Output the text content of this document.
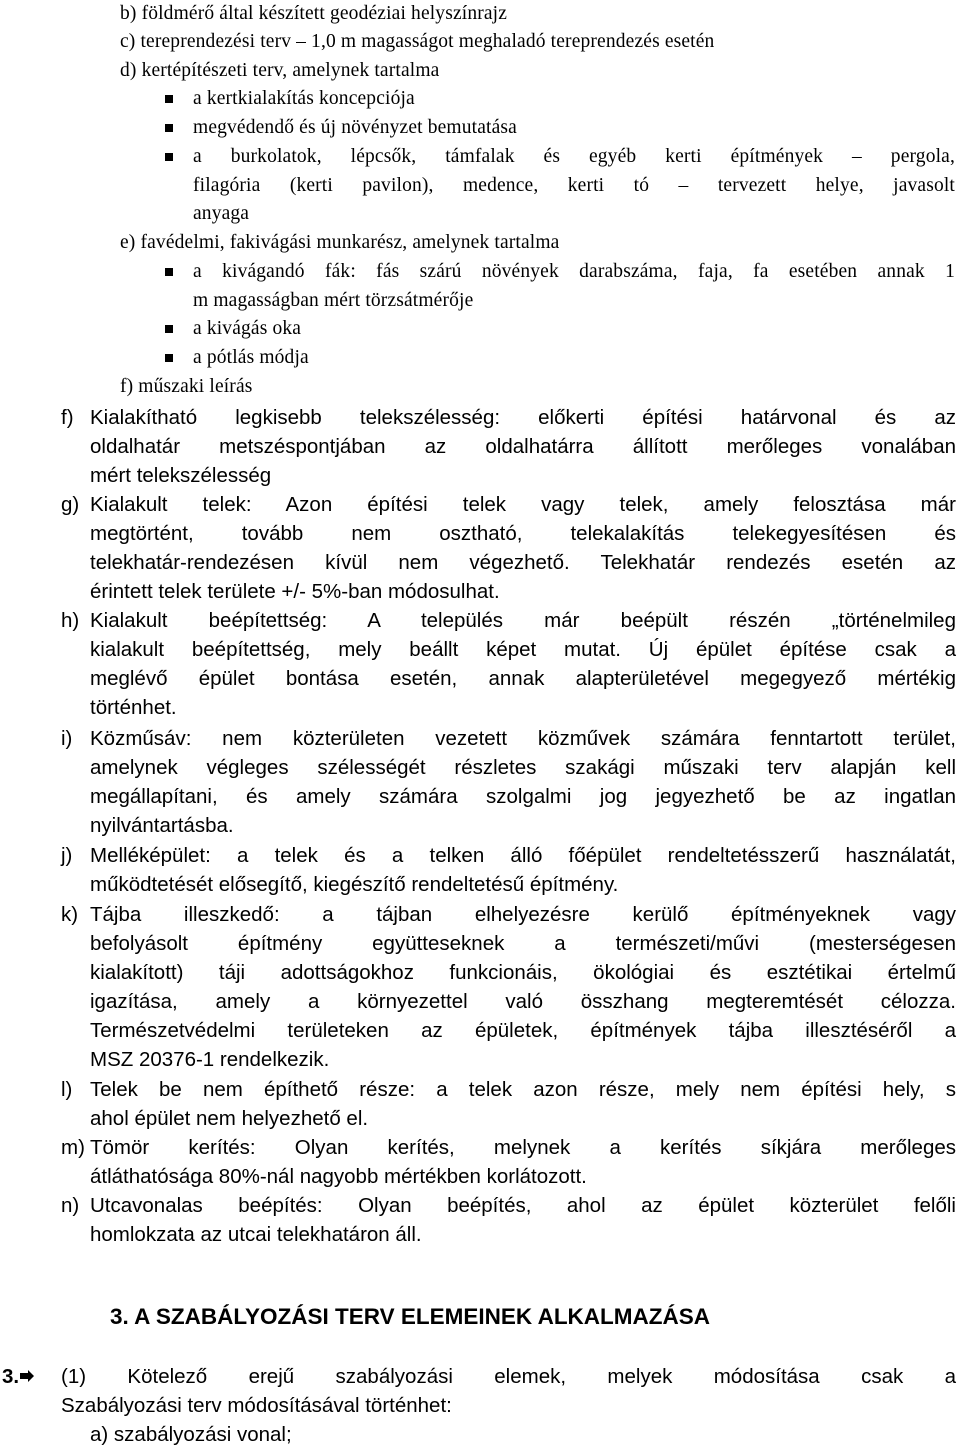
b) földmérő által készített geodéziai helyszínrajz
c) tereprendezési terv – 1,0 m magasságot meghaladó tereprendezés esetén
d) kertépítészeti terv, amelynek tartalma
a kertkialakítás koncepciója
megvédendő és új növényzet bemutatása
a burkolatok, lépcsők, támfalak és egyéb kerti építmények – pergola,
filagória (kerti pavilon), medence, kerti tó – tervezett helye, javasolt
anyaga
e) favédelmi, fakivágási munkarész, amelynek tartalma
a kivágandó fák: fás szárú növények darabszáma, faja, fa esetében annak 1
m magasságban mért törzsátmérője
a kivágás oka
a pótlás módja
f) műszaki leírás
f) Kialakítható legkisebb telekszélesség: előkerti építési határvonal és az
oldalhatár metszéspontjában az oldalhatárra állított merőleges vonalában
mért telekszélesség
g) Kialakult telek: Azon építési telek vagy telek, amely felosztása már
megtörtént, tovább nem osztható, telekalakítás telekegyesítésen és
telekhatár-rendezésen kívül nem végezhető. Telekhatár rendezés esetén az
érintett telek területe +/- 5%-ban módosulhat.
h) Kialakult beépítettség: A település már beépült részén „történelmileg
kialakult beépítettség, mely beállt képet mutat. Új épület építése csak a
meglévő épület bontása esetén, annak alapterületével megegyező mértékig
történhet.
i) Közműsáv: nem közterületen vezetett közművek számára fenntartott terület,
amelynek végleges szélességét részletes szakági műszaki terv alapján kell
megállapítani, és amely számára szolgalmi jog jegyezhető be az ingatlan
nyilvántartásba.
j) Melléképület: a telek és a telken álló főépület rendeltetésszerű használatát,
működtetését elősegítő, kiegészítő rendeltetésű építmény.
k) Tájba illeszkedő: a tájban elhelyezésre kerülő építményeknek vagy
befolyásolt építmény együtteseknek a természeti/művi (mesterségesen
kialakított) táji adottságokhoz funkcionáis, ökológiai és esztétikai értelmű
igazítása, amely a környezettel való összhang megteremtését célozza.
Természetvédelmi területeken az épületek, építmények tájba illesztéséről a
MSZ 20376-1 rendelkezik.
l) Telek be nem építhető része: a telek azon része, mely nem építési hely, s
ahol épület nem helyezhető el.
m) Tömör kerítés: Olyan kerítés, melynek a kerítés síkjára merőleges
átláthatósága 80%-nál nagyobb mértékben korlátozott.
n) Utcavonalas beépítés: Olyan beépítés, ahol az épület közterület felőli
homlokzata az utcai telekhatáron áll.
3. A SZABÁLYOZÁSI TERV ELEMEINEK ALKALMAZÁSA
3. (1) Kötelező erejű szabályozási elemek, melyek módosítása csak a
Szabályozási terv módosításával történhet:
a) szabályozási vonal;
